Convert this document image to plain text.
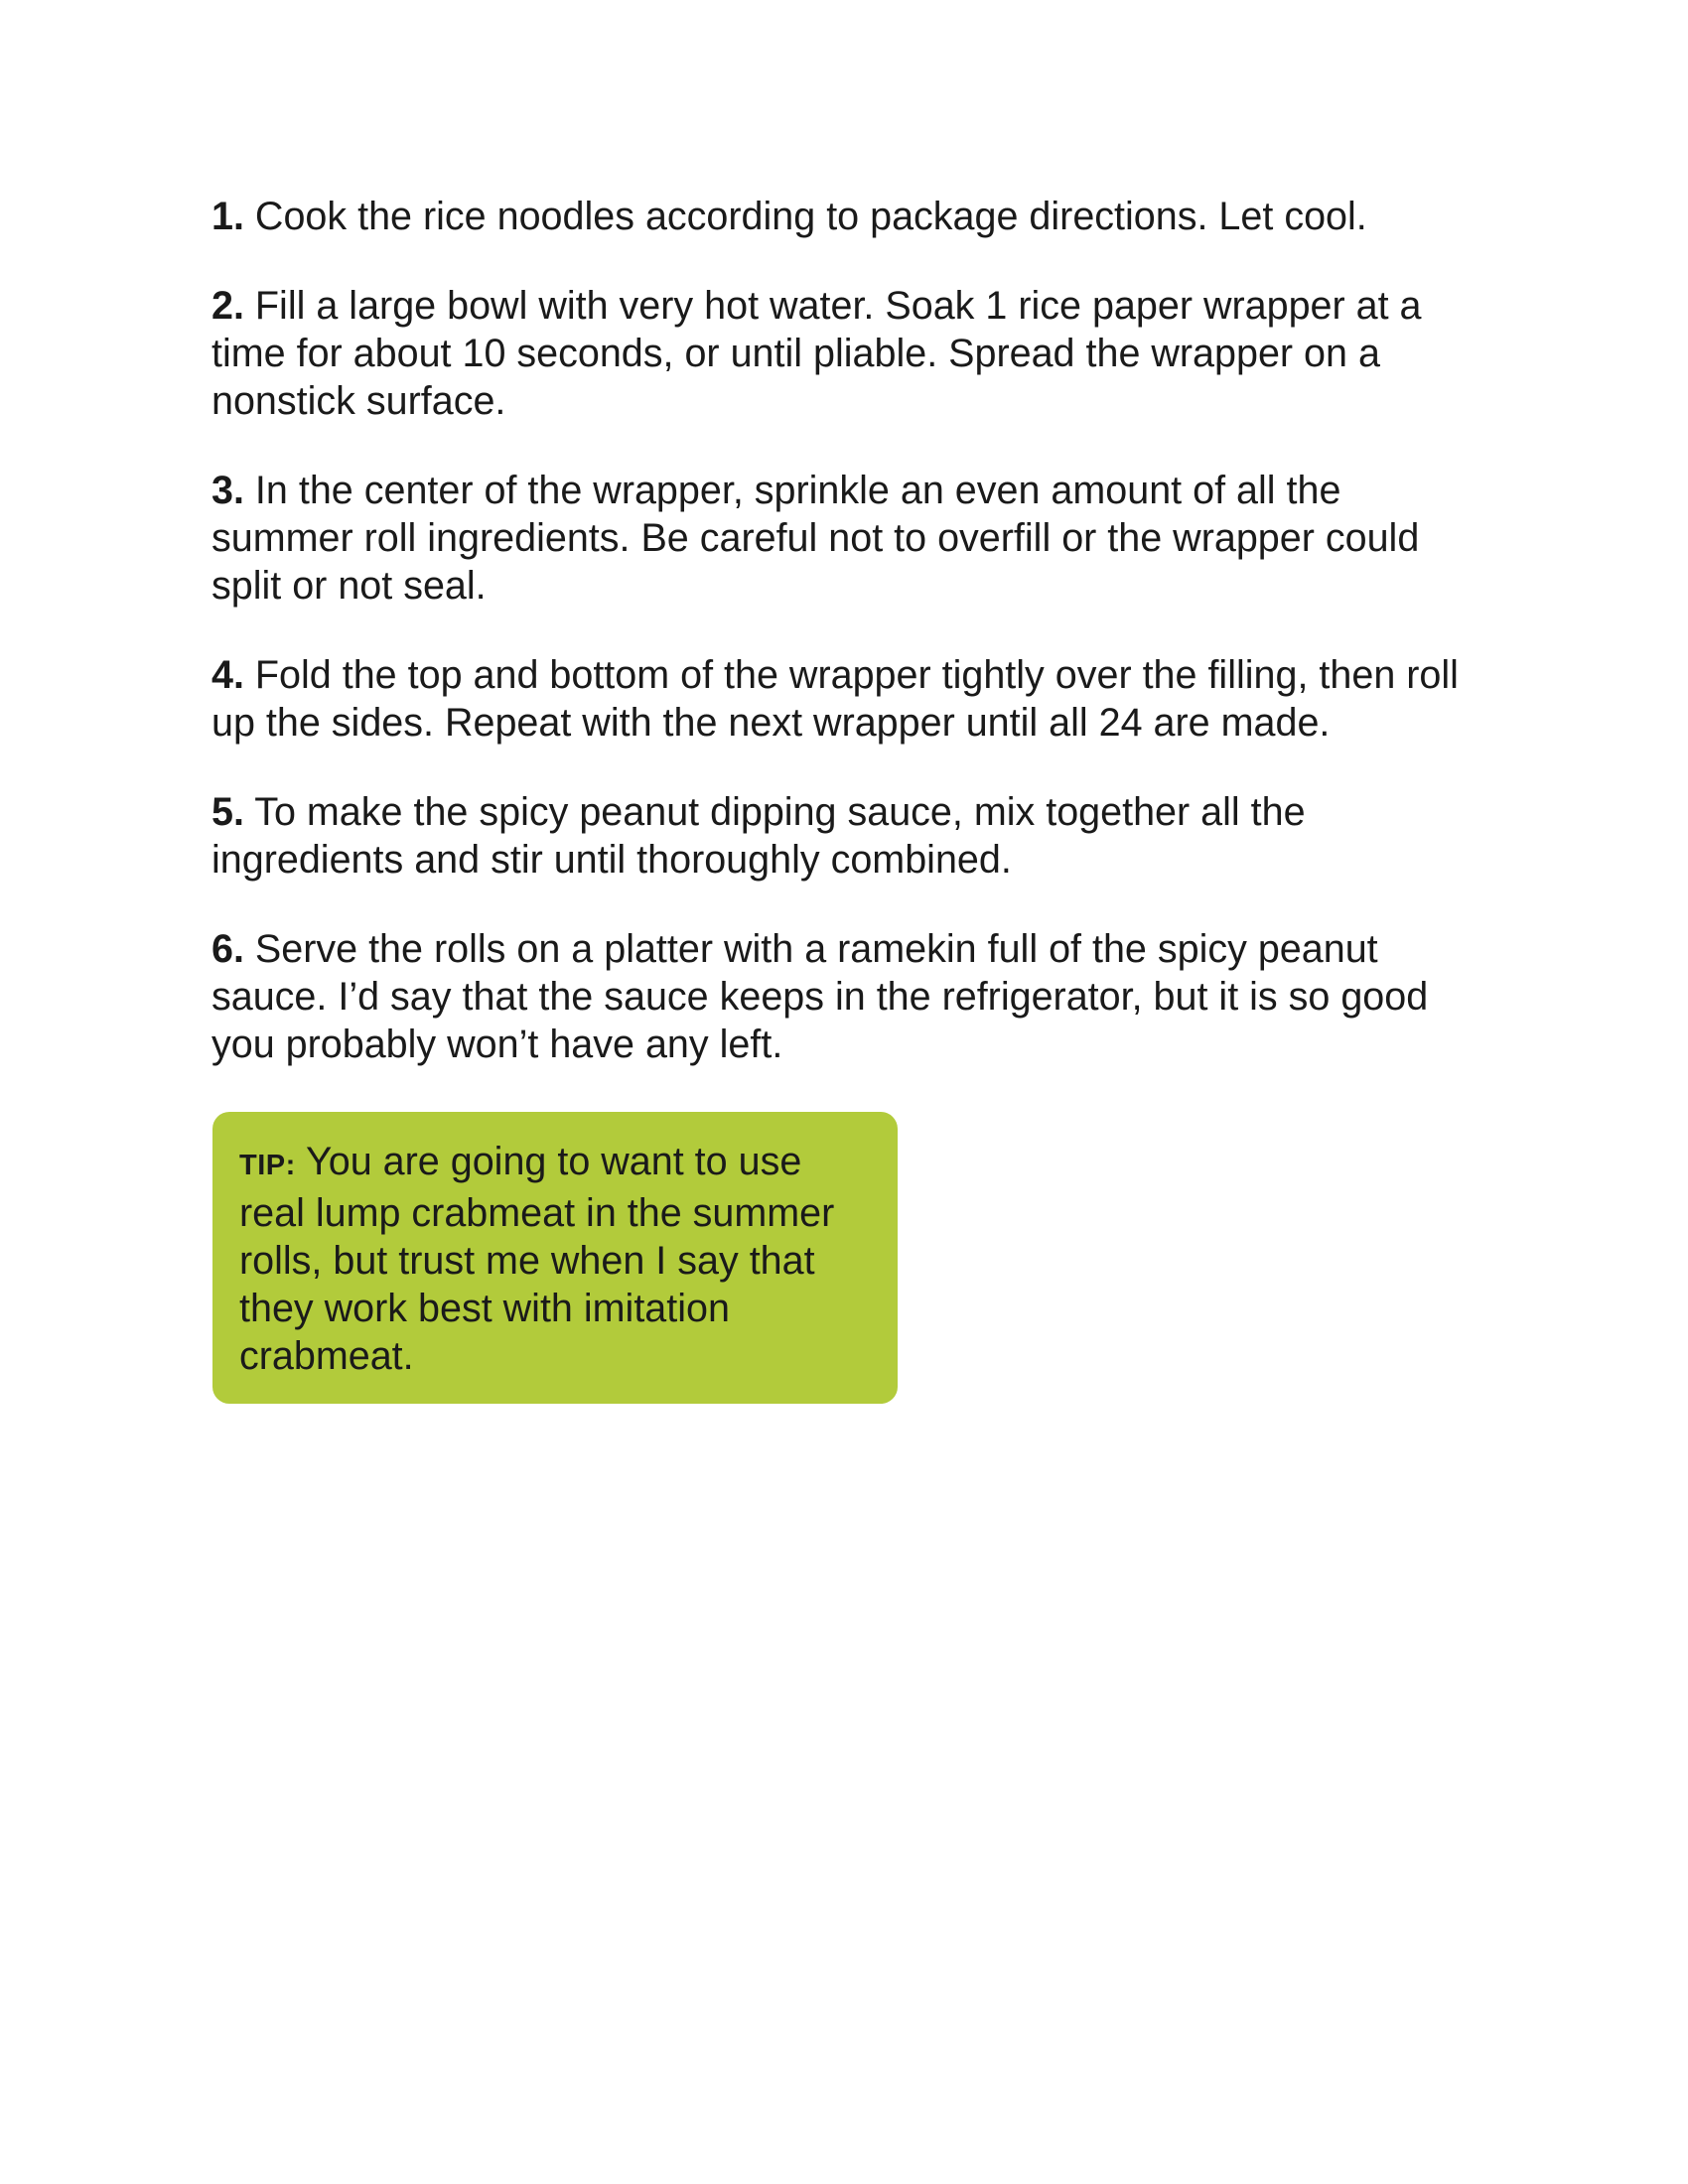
1. Cook the rice noodles according to package directions. Let cool.
2. Fill a large bowl with very hot water. Soak 1 rice paper wrapper at a time for about 10 seconds, or until pliable. Spread the wrapper on a nonstick surface.
3. In the center of the wrapper, sprinkle an even amount of all the summer roll ingredients. Be careful not to overfill or the wrapper could split or not seal.
4. Fold the top and bottom of the wrapper tightly over the filling, then roll up the sides. Repeat with the next wrapper until all 24 are made.
5. To make the spicy peanut dipping sauce, mix together all the ingredients and stir until thoroughly combined.
6. Serve the rolls on a platter with a ramekin full of the spicy peanut sauce. I’d say that the sauce keeps in the refrigerator, but it is so good you probably won’t have any left.

TIP: You are going to want to use real lump crabmeat in the summer rolls, but trust me when I say that they work best with imitation crabmeat.
